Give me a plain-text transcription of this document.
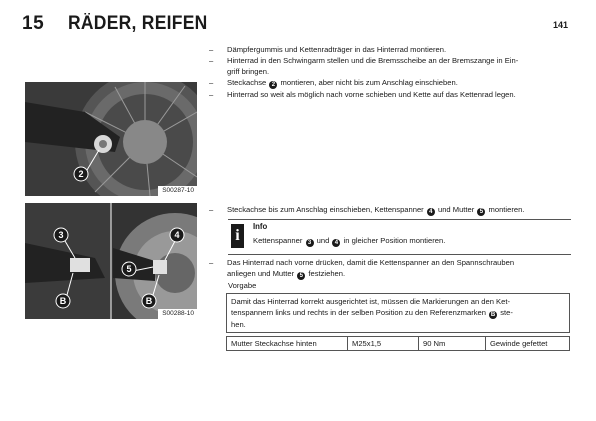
15 RÄDER, REIFEN	141
2
S00287-10
3	4
5
B	B
S00288-10

– Dämpfergummis und Kettenradträger in das Hinterrad montieren.

– Hinterrad in den Schwingarm stellen und die Bremsscheibe an der Bremszange in Ein-
griff bringen.

– Steckachse 2 montieren, aber nicht bis zum Anschlag einschieben.

– Hinterrad so weit als möglich nach vorne schieben und Kette auf das Kettenrad legen.

– Steckachse bis zum Anschlag einschieben, Kettenspanner 4 und Mutter 5 montieren.

i
Info
Kettenspanner 3 und 4 in gleicher Position montieren.

– Das Hinterrad nach vorne drücken, damit die Kettenspanner an den Spannschrauben
anliegen und Mutter 5 festziehen.

Vorgabe
Damit das Hinterrad korrekt ausgerichtet ist, müssen die Markierungen an den Ket-
tenspannern links und rechts in der selben Position zu den Referenzmarken B ste-
hen.
Mutter Steckachse hinten	M25x1,5	90 Nm	Gewinde gefettet
